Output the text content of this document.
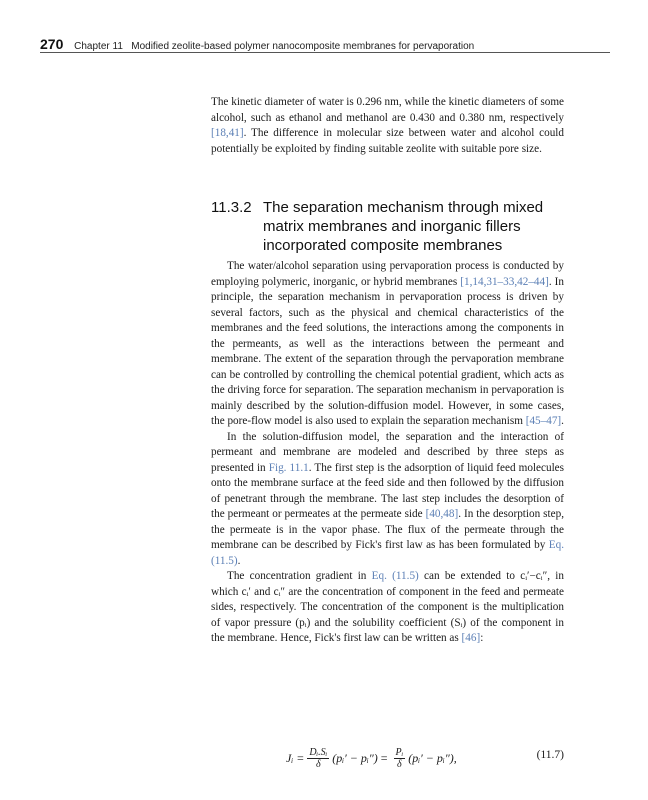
270 Chapter 11 Modified zeolite-based polymer nanocomposite membranes for pervaporation

The kinetic diameter of water is 0.296 nm, while the kinetic diameters of some alcohol, such as ethanol and methanol are 0.430 and 0.380 nm, respectively [18,41]. The difference in molecular size between water and alcohol could potentially be exploited by finding suitable zeolite with suitable pore size.

11.3.2 The separation mechanism through mixed matrix membranes and inorganic fillers incorporated composite membranes

The water/alcohol separation using pervaporation process is conducted by employing polymeric, inorganic, or hybrid membranes [1,14,31–33,42–44]. In principle, the separation mechanism in pervaporation process is driven by several factors, such as the physical and chemical characteristics of the membranes and the feed solutions, the interactions among the components in the permeants, as well as the interactions between the permeant and membrane. The extent of the separation through the pervaporation membrane can be controlled by controlling the chemical potential gradient, which acts as the driving force for separation. The separation mechanism in pervaporation is mainly described by the solution-diffusion model. However, in some cases, the pore-flow model is also used to explain the separation mechanism [45–47].

In the solution-diffusion model, the separation and the interaction of permeant and membrane are modeled and described by three steps as presented in Fig. 11.1. The first step is the adsorption of liquid feed molecules onto the membrane surface at the feed side and then followed by the diffusion of penetrant through the membrane. The last step includes the desorption of the permeant or permeates at the permeate side [40,48]. In the desorption step, the permeate is in the vapor phase. The flux of the permeate through the membrane can be described by Fick's first law as has been formulated by Eq. (11.5).

The concentration gradient in Eq. (11.5) can be extended to cᵢ′−cᵢ″, in which cᵢ′ and cᵢ″ are the concentration of component in the feed and permeate sides, respectively. The concentration of the component is the multiplication of vapor pressure (pᵢ) and the solubility coefficient (Sᵢ) of the component in the membrane. Hence, Fick's first law can be written as [46]:

Jᵢ = $\frac{\text{Dᵢ.Sᵢ}}{\delta}$ (pᵢ′ − pᵢ″) = $\frac{\text{Pᵢ}}{\delta}$ (pᵢ′ − pᵢ″),	(11.7)
